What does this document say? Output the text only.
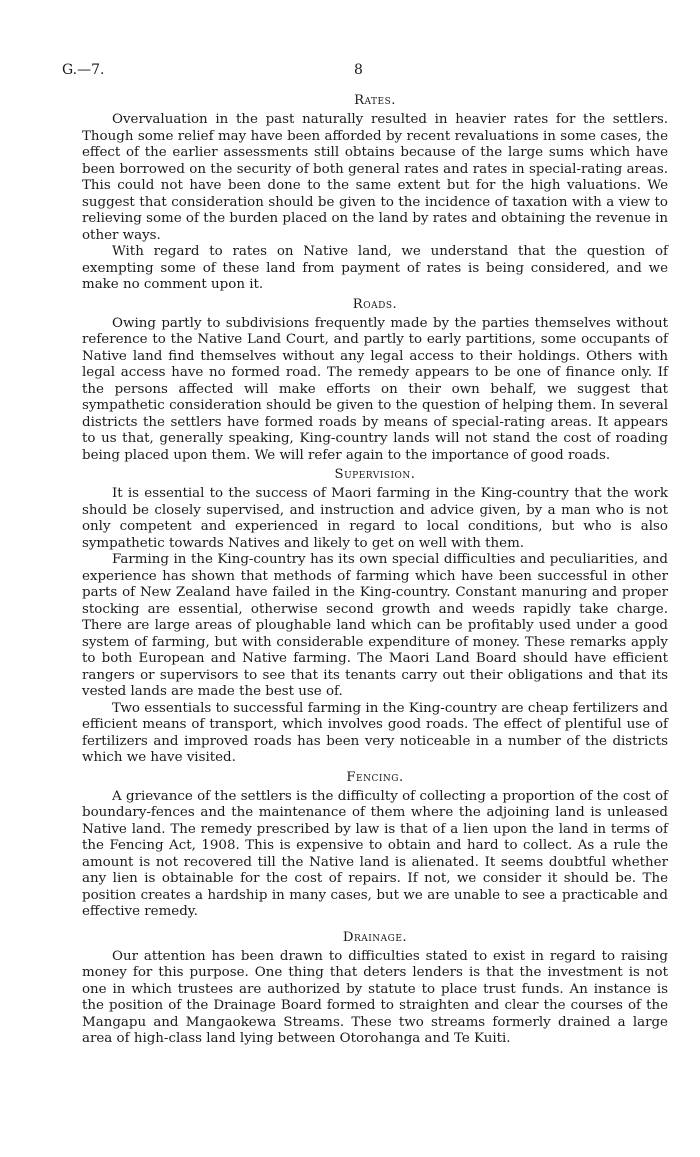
G.—7.	8
Rates.

Overvaluation in the past naturally resulted in heavier rates for the settlers. Though some relief may have been afforded by recent revaluations in some cases, the effect of the earlier assessments still obtains because of the large sums which have been borrowed on the security of both general rates and rates in special-rating areas. This could not have been done to the same extent but for the high valuations. We suggest that consideration should be given to the incidence of taxation with a view to relieving some of the burden placed on the land by rates and obtaining the revenue in other ways.

With regard to rates on Native land, we understand that the question of exempting some of these land from payment of rates is being considered, and we make no comment upon it.

Roads.

Owing partly to subdivisions frequently made by the parties themselves without reference to the Native Land Court, and partly to early partitions, some occupants of Native land find themselves without any legal access to their holdings. Others with legal access have no formed road. The remedy appears to be one of finance only. If the persons affected will make efforts on their own behalf, we suggest that sympathetic consideration should be given to the question of helping them. In several districts the settlers have formed roads by means of special-rating areas. It appears to us that, generally speaking, King-country lands will not stand the cost of roading being placed upon them. We will refer again to the importance of good roads.

Supervision.

It is essential to the success of Maori farming in the King-country that the work should be closely supervised, and instruction and advice given, by a man who is not only competent and experienced in regard to local conditions, but who is also sympathetic towards Natives and likely to get on well with them.

Farming in the King-country has its own special difficulties and peculiarities, and experience has shown that methods of farming which have been successful in other parts of New Zealand have failed in the King-country. Constant manuring and proper stocking are essential, otherwise second growth and weeds rapidly take charge. There are large areas of ploughable land which can be profitably used under a good system of farming, but with considerable expenditure of money. These remarks apply to both European and Native farming. The Maori Land Board should have efficient rangers or supervisors to see that its tenants carry out their obligations and that its vested lands are made the best use of.

Two essentials to successful farming in the King-country are cheap fertilizers and efficient means of transport, which involves good roads. The effect of plentiful use of fertilizers and improved roads has been very noticeable in a number of the districts which we have visited.

Fencing.

A grievance of the settlers is the difficulty of collecting a proportion of the cost of boundary-fences and the maintenance of them where the adjoining land is unleased Native land. The remedy prescribed by law is that of a lien upon the land in terms of the Fencing Act, 1908. This is expensive to obtain and hard to collect. As a rule the amount is not recovered till the Native land is alienated. It seems doubtful whether any lien is obtainable for the cost of repairs. If not, we consider it should be. The position creates a hardship in many cases, but we are unable to see a practicable and effective remedy.

Drainage.

Our attention has been drawn to difficulties stated to exist in regard to raising money for this purpose. One thing that deters lenders is that the investment is not one in which trustees are authorized by statute to place trust funds. An instance is the position of the Drainage Board formed to straighten and clear the courses of the Mangapu and Mangaokewa Streams. These two streams formerly drained a large area of high-class land lying between Otorohanga and Te Kuiti.
